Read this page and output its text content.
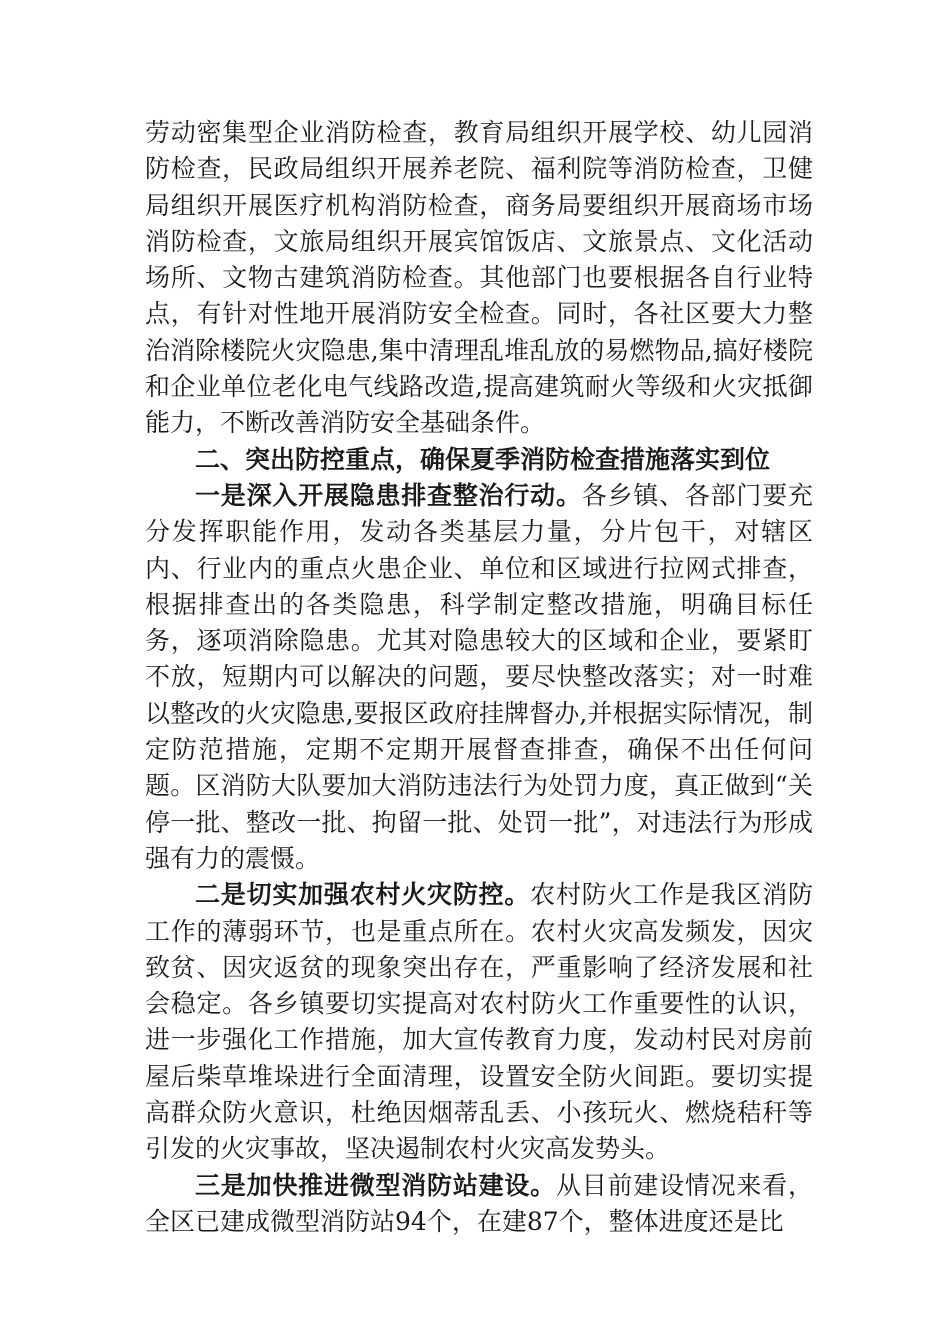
劳动密集型企业消防检查，教育局组织开展学校、幼儿园消防检查，民政局组织开展养老院、福利院等消防检查，卫健局组织开展医疗机构消防检查，商务局要组织开展商场市场消防检查，文旅局组织开展宾馆饭店、文旅景点、文化活动场所、文物古建筑消防检查。其他部门也要根据各自行业特点，有针对性地开展消防安全检查。同时，各社区要大力整治消除楼院火灾隐患,集中清理乱堆乱放的易燃物品,搞好楼院和企业单位老化电气线路改造,提高建筑耐火等级和火灾抵御能力，不断改善消防安全基础条件。

二、突出防控重点，确保夏季消防检查措施落实到位

一是深入开展隐患排查整治行动。各乡镇、各部门要充分发挥职能作用，发动各类基层力量，分片包干，对辖区内、行业内的重点火患企业、单位和区域进行拉网式排查，根据排查出的各类隐患，科学制定整改措施，明确目标任务，逐项消除隐患。尤其对隐患较大的区域和企业，要紧盯不放，短期内可以解决的问题，要尽快整改落实；对一时难以整改的火灾隐患,要报区政府挂牌督办,并根据实际情况，制定防范措施，定期不定期开展督查排查，确保不出任何问题。区消防大队要加大消防违法行为处罚力度，真正做到“关停一批、整改一批、拘留一批、处罚一批”，对违法行为形成强有力的震慑。

二是切实加强农村火灾防控。农村防火工作是我区消防工作的薄弱环节，也是重点所在。农村火灾高发频发，因灾致贫、因灾返贫的现象突出存在，严重影响了经济发展和社会稳定。各乡镇要切实提高对农村防火工作重要性的认识，进一步强化工作措施，加大宣传教育力度，发动村民对房前屋后柴草堆垛进行全面清理，设置安全防火间距。要切实提高群众防火意识，杜绝因烟蒂乱丢、小孩玩火、燃烧秸秆等引发的火灾事故，坚决遏制农村火灾高发势头。

三是加快推进微型消防站建设。从目前建设情况来看，全区已建成微型消防站94个，在建87个，整体进度还是比
